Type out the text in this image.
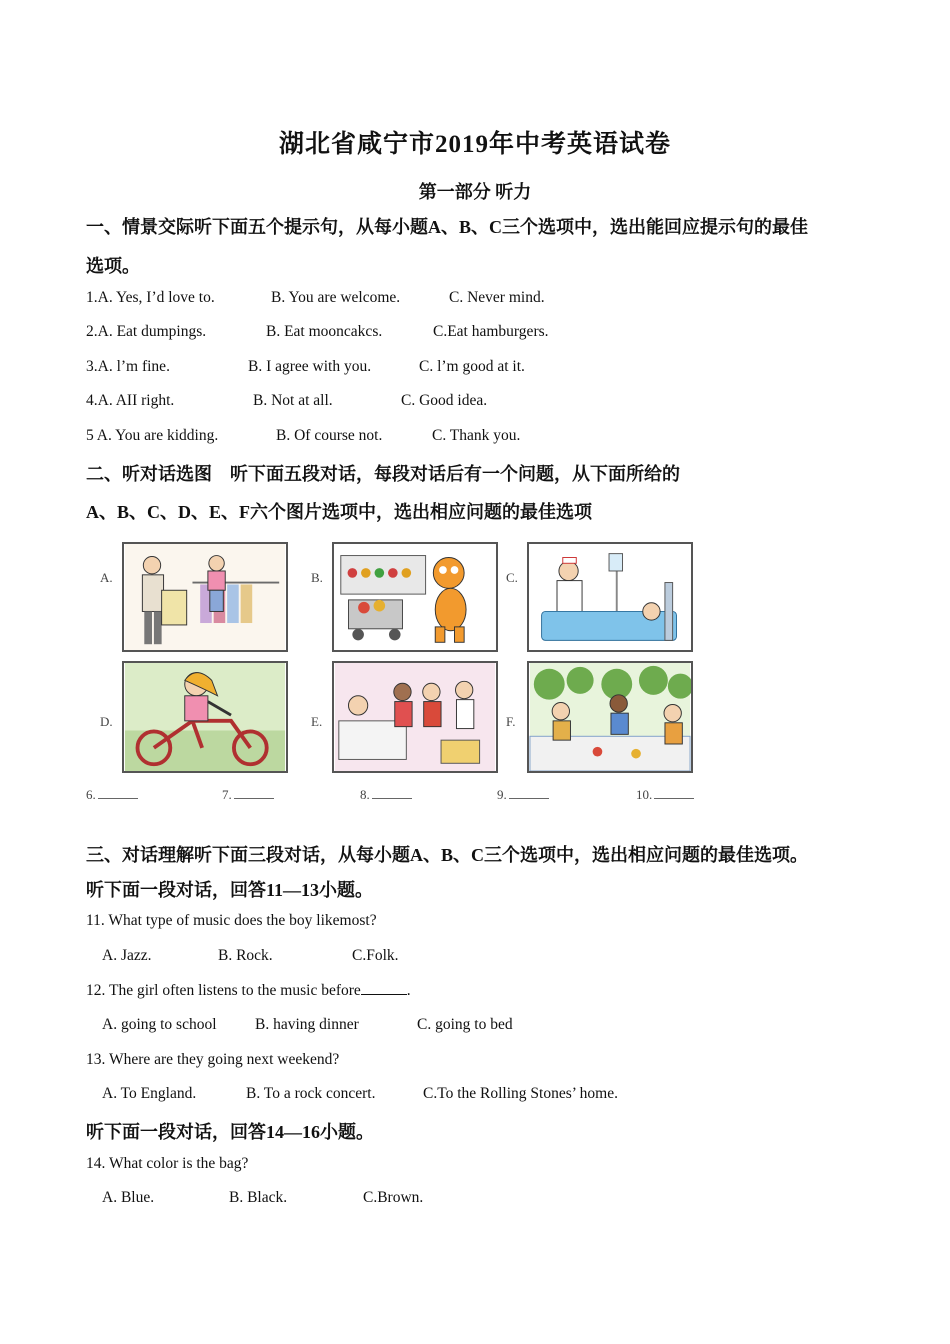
湖北省咸宁市2019年中考英语试卷
第一部分 听力
一、情景交际听下面五个提示句，从每小题A、B、C三个选项中，选出能回应提示句的最佳
选项。
1.A. Yes, I’d love to.	B. You are welcome.	C. Never mind.
2.A. Eat dumpings.	B. Eat mooncakcs.	C.Eat hamburgers.
3.A. l’m fine.	B. I agree with you.	C. l’m good at it.
4.A. AII right.	B. Not at all.	C. Good idea.
5 A. You are kidding.	B. Of course not.	C. Thank you.
二、听对话选图　听下面五段对话，每段对话后有一个问题，从下面所给的
A、B、C、D、E、F六个图片选项中，选出相应问题的最佳选项
A.	B.	C.
D.	E.	F.
6.	7.	8.	9.	10.
三、对话理解听下面三段对话，从每小题A、B、C三个选项中，选出相应问题的最佳选项。
听下面一段对话，回答11—13小题。
11. What type of music does the boy likemost?
A. Jazz.	B. Rock.	C.Folk.
12. The girl often listens to the music before	.
A. going to school B. having dinner	C. going to bed
13. Where are they going next weekend?
A. To England.	B. To a rock concert.	C.To the Rolling Stones’ home.
听下面一段对话，回答14—16小题。
14. What color is the bag?
A. Blue.	B. Black.	C.Brown.
